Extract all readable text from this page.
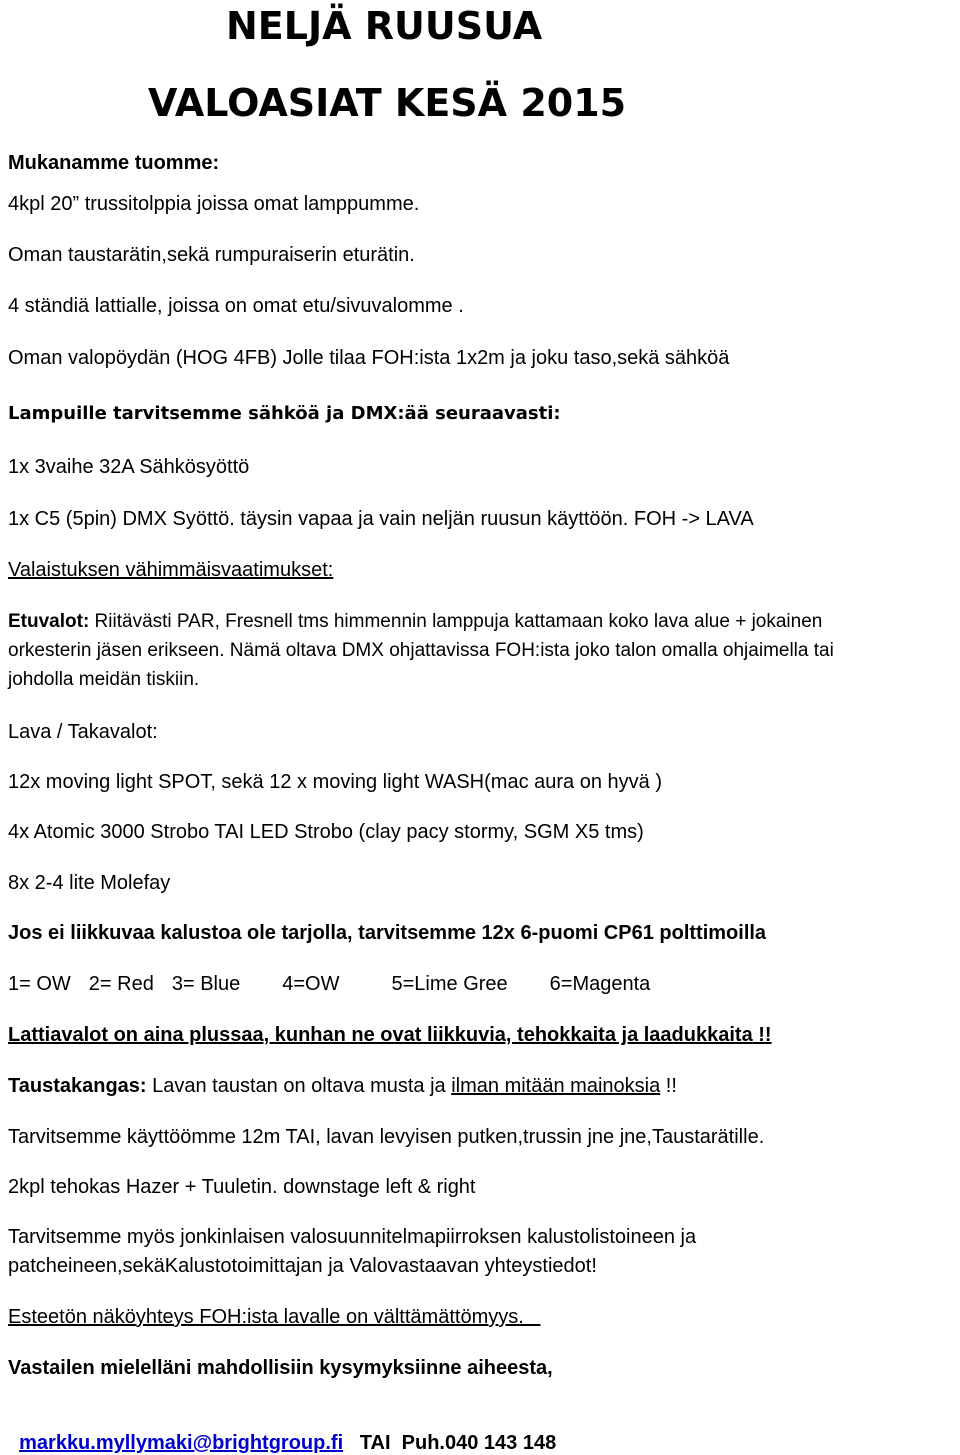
NELJÄ RUUSUA
VALOASIAT KESÄ 2015
Mukanamme tuomme:
4kpl 20” trussitolppia joissa omat lamppumme.
Oman taustarätin,sekä rumpuraiserin eturätin.
4 ständiä lattialle, joissa on omat etu/sivuvalomme .
Oman valopöydän (HOG 4FB) Jolle tilaa FOH:ista 1x2m ja joku taso,sekä sähköä
Lampuille tarvitsemme sähköä ja DMX:ää seuraavasti:
1x 3vaihe 32A Sähkösyöttö
1x C5 (5pin) DMX Syöttö. täysin vapaa ja vain neljän ruusun käyttöön. FOH -> LAVA
Valaistuksen vähimmäisvaatimukset:
Etuvalot: Riitävästi PAR, Fresnell tms himmennin lamppuja kattamaan koko lava alue + jokainen
orkesterin jäsen erikseen. Nämä oltava DMX ohjattavissa FOH:ista joko talon omalla ohjaimella tai
johdolla meidän tiskiin.
Lava / Takavalot:
12x moving light SPOT, sekä 12 x moving light WASH(mac aura on hyvä )
4x Atomic 3000 Strobo TAI LED Strobo (clay pacy stormy, SGM X5 tms)
8x 2-4 lite Molefay
Jos ei liikkuvaa kalustoa ole tarjolla, tarvitsemme 12x 6-puomi CP61 polttimoilla
1= OW 2= Red 3= Blue 4=OW	5=Lime Gree 6=Magenta
Lattiavalot on aina plussaa, kunhan ne ovat liikkuvia, tehokkaita ja laadukkaita !!
Taustakangas: Lavan taustan on oltava musta ja ilman mitään mainoksia !!
Tarvitsemme käyttöömme 12m TAI, lavan levyisen putken,trussin jne jne,Taustarätille.
2kpl tehokas Hazer + Tuuletin. downstage left & right
Tarvitsemme myös jonkinlaisen valosuunnitelmapiirroksen kalustolistoineen ja
patcheineen,sekäKalustotoimittajan ja Valovastaavan yhteystiedot!
Esteetön näköyhteys FOH:ista lavalle on välttämättömyys.
Vastailen mielelläni mahdollisiin kysymyksiinne aiheesta,

markku.myllymaki@brightgroup.fi   TAI  Puh.040 143 148
